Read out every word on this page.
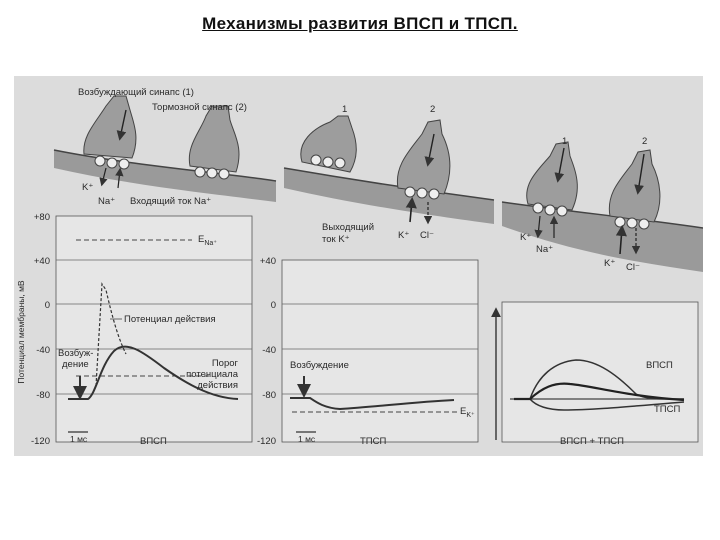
Механизмы развития ВПСП и ТПСП.
Возбуждающий синапс (1)
Тормозной синапс (2)
K⁺
Na⁺ Входящий ток Na⁺
1	2
Выходящий
ток K⁺	K⁺ Cl⁻
1	2
K⁺
Na⁺
K⁺ Cl⁻
Потенциал мембраны, мВ
+80
+40
0
-40
-80
-120
$E_{Na^+}$
Потенциал действия
Возбуж-
дение	Порог
потенциала
действия
1 мс	ВПСП
+40
0
-40
-80
-120
Возбуждение
$E_{K^+}$
1 мс	ТПСП
ВПСП
ТПСП
ВПСП + ТПСП
